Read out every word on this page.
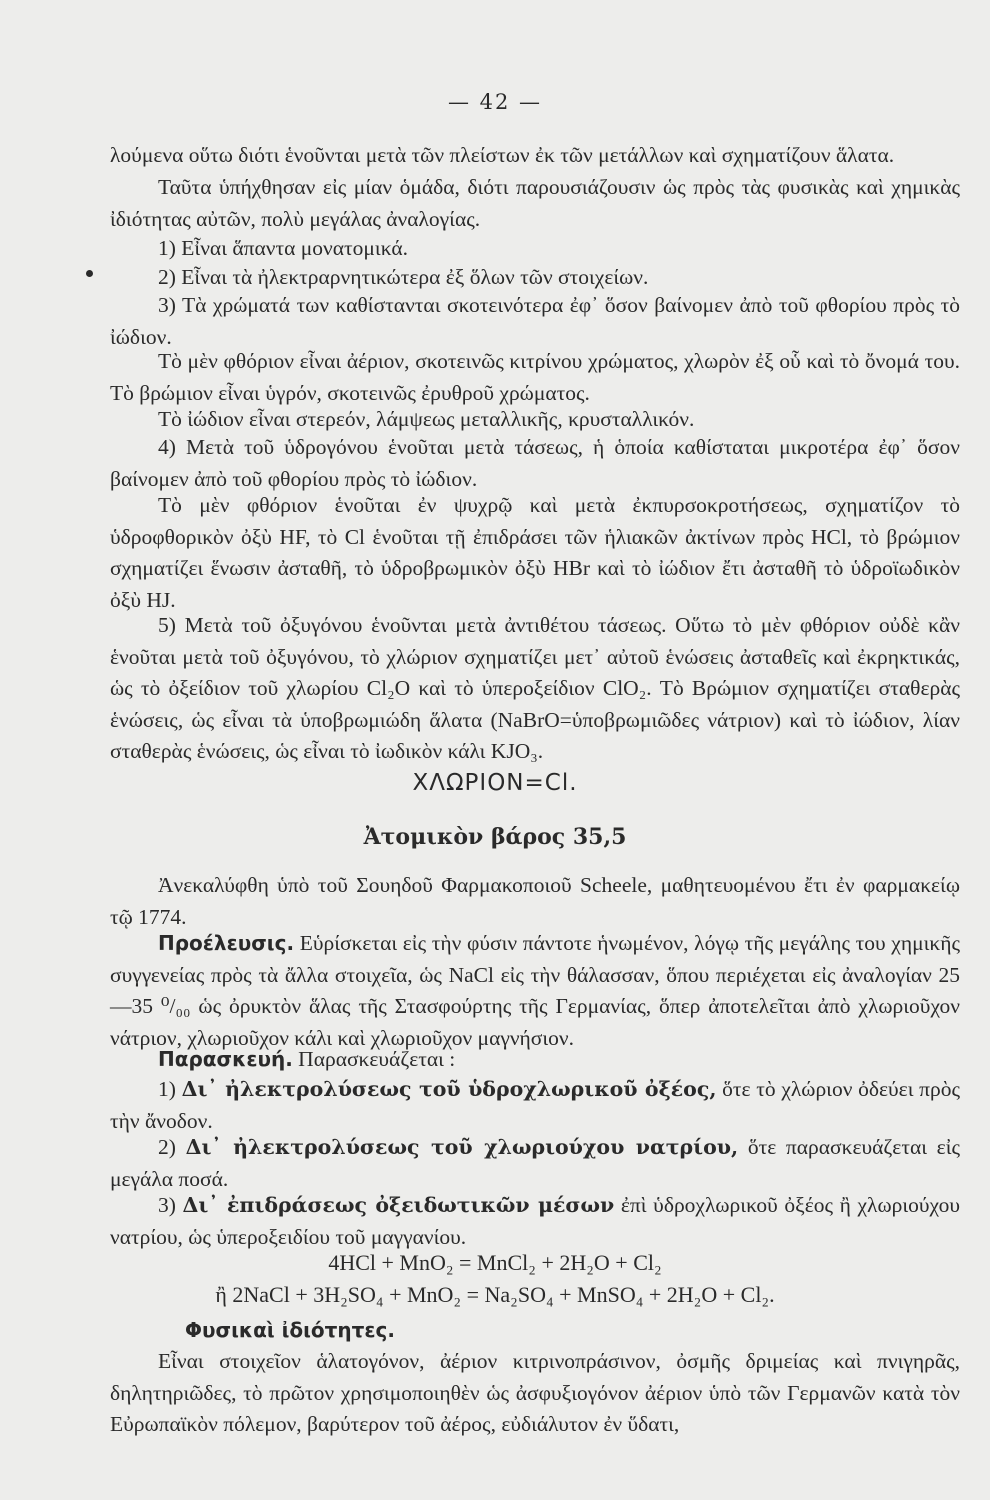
— 42 —

λούμενα οὕτω διότι ἑνοῦνται μετὰ τῶν πλείστων ἐκ τῶν μετάλλων καὶ σχηματίζουν ἅλατα.

Ταῦτα ὑπήχθησαν εἰς μίαν ὁμάδα, διότι παρουσιάζουσιν ὡς πρὸς τὰς φυσικὰς καὶ χημικὰς ἰδιότητας αὐτῶν, πολὺ μεγάλας ἀναλογίας.

1) Εἶναι ἅπαντα μονατομικά.

2) Εἶναι τὰ ἠλεκτραρνητικώτερα ἐξ ὅλων τῶν στοιχείων.

3) Τὰ χρώματά των καθίστανται σκοτεινότερα ἐφ᾽ ὅσον βαίνομεν ἀπὸ τοῦ φθορίου πρὸς τὸ ἰώδιον.

Τὸ μὲν φθόριον εἶναι ἀέριον, σκοτεινῶς κιτρίνου χρώματος, χλωρὸν ἐξ οὗ καὶ τὸ ὄνομά του. Τὸ βρώμιον εἶναι ὑγρόν, σκοτεινῶς ἐρυθροῦ χρώματος.

Τὸ ἰώδιον εἶναι στερεόν, λάμψεως μεταλλικῆς, κρυσταλλικόν.

4) Μετὰ τοῦ ὑδρογόνου ἑνοῦται μετὰ τάσεως, ἡ ὁποία καθίσταται μικροτέρα ἐφ᾽ ὅσον βαίνομεν ἀπὸ τοῦ φθορίου πρὸς τὸ ἰώδιον.

Τὸ μὲν φθόριον ἑνοῦται ἐν ψυχρῷ καὶ μετὰ ἐκπυρσοκροτήσεως, σχηματίζον τὸ ὑδροφθορικὸν ὀξὺ HF, τὸ Cl ἑνοῦται τῇ ἐπιδράσει τῶν ἡλιακῶν ἀκτίνων πρὸς HCl, τὸ βρώμιον σχηματίζει ἕνωσιν ἀσταθῆ, τὸ ὑδροβρωμικὸν ὀξὺ HBr καὶ τὸ ἰώδιον ἔτι ἀσταθῆ τὸ ὑδροϊωδικὸν ὀξὺ HJ.

5) Μετὰ τοῦ ὀξυγόνου ἑνοῦνται μετὰ ἀντιθέτου τάσεως. Οὕτω τὸ μὲν φθόριον οὐδὲ κἂν ἑνοῦται μετὰ τοῦ ὀξυγόνου, τὸ χλώριον σχηματίζει μετ᾽ αὐτοῦ ἑνώσεις ἀσταθεῖς καὶ ἐκρηκτικάς, ὡς τὸ ὀξείδιον τοῦ χλωρίου Cl₂O καὶ τὸ ὑπεροξείδιον ClO₂. Τὸ Βρώμιον σχηματίζει σταθερὰς ἑνώσεις, ὡς εἶναι τὰ ὑποβρωμιώδη ἅλατα (NaBrO=ὑποβρωμιῶδες νάτριον) καὶ τὸ ἰώδιον, λίαν σταθερὰς ἑνώσεις, ὡς εἶναι τὸ ἰωδικὸν κάλι KJO₃.

ΧΛΩΡΙΟΝ=Cl.
Ἀτομικὸν βάρος 35,5

Ἀνεκαλύφθη ὑπὸ τοῦ Σουηδοῦ Φαρμακοποιοῦ Scheele, μαθητευομένου ἔτι ἐν φαρμακείῳ τῷ 1774.

Προέλευσις. Εὑρίσκεται εἰς τὴν φύσιν πάντοτε ἡνωμένον, λόγῳ τῆς μεγάλης του χημικῆς συγγενείας πρὸς τὰ ἄλλα στοιχεῖα, ὡς NaCl εἰς τὴν θάλασσαν, ὅπου περιέχεται εἰς ἀναλογίαν 25—35 ⁰/₀₀ ὡς ὀρυκτὸν ἅλας τῆς Στασφούρτης τῆς Γερμανίας, ὅπερ ἀποτελεῖται ἀπὸ χλωριοῦχον νάτριον, χλωριοῦχον κάλι καὶ χλωριοῦχον μαγνήσιον.

Παρασκευή. Παρασκευάζεται :

1) Δι᾽ ἠλεκτρολύσεως τοῦ ὑδροχλωρικοῦ ὀξέος, ὅτε τὸ χλώριον ὀδεύει πρὸς τὴν ἄνοδον.

2) Δι᾽ ἠλεκτρολύσεως τοῦ χλωριούχου νατρίου, ὅτε παρασκευάζεται εἰς μεγάλα ποσά.

3) Δι᾽ ἐπιδράσεως ὀξειδωτικῶν μέσων ἐπὶ ὑδροχλωρικοῦ ὀξέος ἢ χλωριούχου νατρίου, ὡς ὑπεροξειδίου τοῦ μαγγανίου.

4HCl + MnO₂ = MnCl₂ + 2H₂O + Cl₂
ἢ 2NaCl + 3H₂SO₄ + MnO₂ = Na₂SO₄ + MnSO₄ + 2H₂O + Cl₂.
Φυσικαὶ ἰδιότητες.

Εἶναι στοιχεῖον ἁλατογόνον, ἀέριον κιτρινοπράσινον, ὀσμῆς δριμείας καὶ πνιγηρᾶς, δηλητηριῶδες, τὸ πρῶτον χρησιμοποιηθὲν ὡς ἀσφυξιογόνον ἀέριον ὑπὸ τῶν Γερμανῶν κατὰ τὸν Εὐρωπαϊκὸν πόλεμον, βαρύτερον τοῦ ἀέρος, εὐδιάλυτον ἐν ὕδατι,
